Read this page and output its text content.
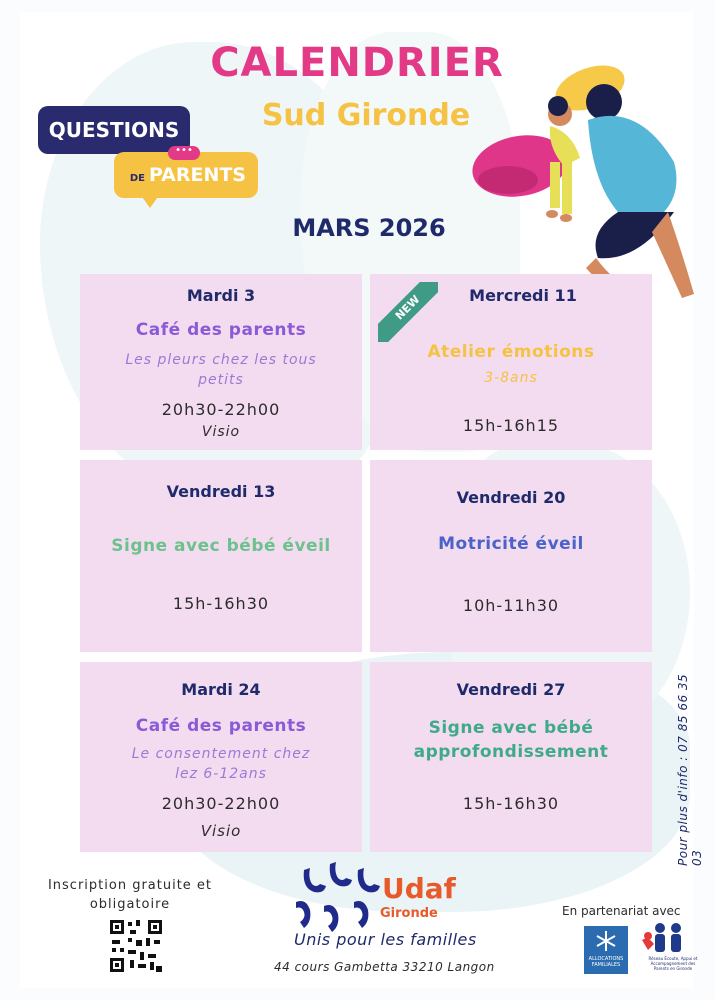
CALENDRIER
Sud Gironde
MARS 2026
QUESTIONS
DE PARENTS
•••
Mardi 3
Café des parents
Les pleurs chez les tous petits
20h30-22h00
Visio
Mercredi 11
Atelier émotions
3-8ans
15h-16h15
NEW
Vendredi 13
Signe avec bébé éveil
15h-16h30
Vendredi 20
Motricité éveil
10h-11h30
Mardi 24
Café des parents
Le consentement chez lez 6-12ans
20h30-22h00
Visio
Vendredi 27
Signe avec bébé approfondissement
15h-16h30	Pour plus d'info : 07 85 66 35 03
Inscription gratuite et obligatoire	Udaf
Gironde
Unis pour les familles
44 cours Gambetta 33210 Langon
En partenariat avec
ALLOCATIONS FAMILIALES
Réseau Écoute, Appui et Accompagnement des Parents en Gironde
